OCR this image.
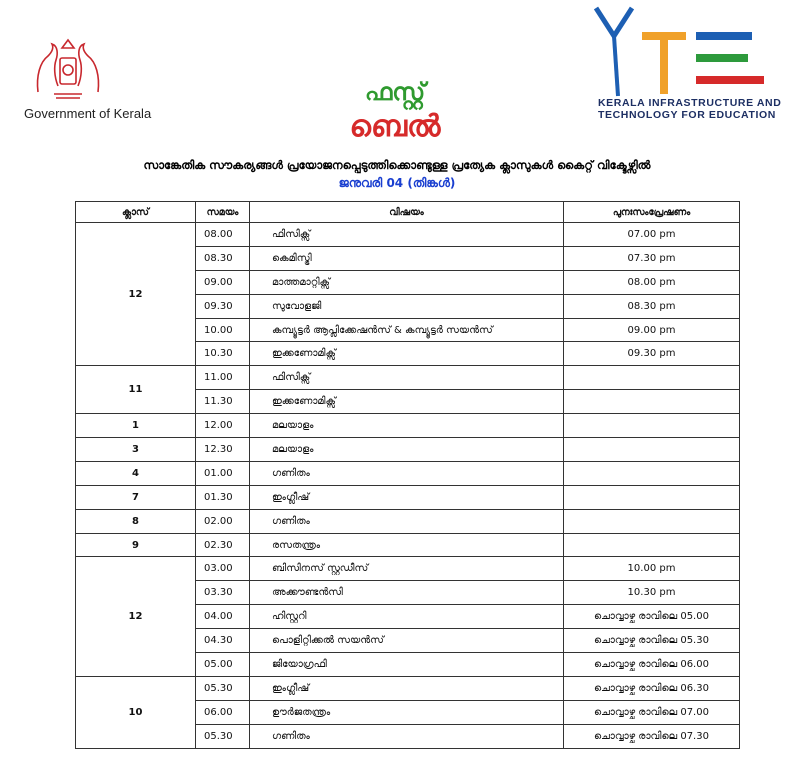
Government of Kerala
ഫസ്റ്റ്
ബെൽ
KERALA INFRASTRUCTURE AND
TECHNOLOGY FOR EDUCATION
സാങ്കേതിക സൗകര്യങ്ങൾ പ്രയോജനപ്പെടുത്തിക്കൊണ്ടുള്ള പ്രത്യേക ക്ലാസുകൾ കൈറ്റ് വിക്ടേഴ്സിൽ
ജനുവരി 04 (തിങ്കൾ)
ക്ലാസ്	സമയം	വിഷയം	പുനഃസംപ്രേഷണം
12	08.00	ഫിസിക്സ്	07.00 pm
	08.30	കെമിസ്ട്രി	07.30 pm
	09.00	മാത്തമാറ്റിക്സ്	08.00 pm
	09.30	സുവോളജി	08.30 pm
	10.00	കമ്പ്യൂട്ടർ ആപ്ലിക്കേഷൻസ് & കമ്പ്യൂട്ടർ സയൻസ്	09.00 pm
	10.30	ഇക്കണോമിക്സ്	09.30 pm
11	11.00	ഫിസിക്സ്	
	11.30	ഇക്കണോമിക്സ്	
1	12.00	മലയാളം	
3	12.30	മലയാളം	
4	01.00	ഗണിതം	
7	01.30	ഇംഗ്ലീഷ്	
8	02.00	ഗണിതം	
9	02.30	രസതന്ത്രം	
12	03.00	ബിസിനസ് സ്റ്റഡീസ്	10.00 pm
	03.30	അക്കൗണ്ടൻസി	10.30 pm
	04.00	ഹിസ്റ്ററി	ചൊവ്വാഴ്ച രാവിലെ 05.00
	04.30	പൊളിറ്റിക്കൽ സയൻസ്	ചൊവ്വാഴ്ച രാവിലെ 05.30
	05.00	ജിയോഗ്രഫി	ചൊവ്വാഴ്ച രാവിലെ 06.00
10	05.30	ഇംഗ്ലീഷ്	ചൊവ്വാഴ്ച രാവിലെ 06.30
	06.00	ഊർജതന്ത്രം	ചൊവ്വാഴ്ച രാവിലെ 07.00
	05.30	ഗണിതം	ചൊവ്വാഴ്ച രാവിലെ 07.30
